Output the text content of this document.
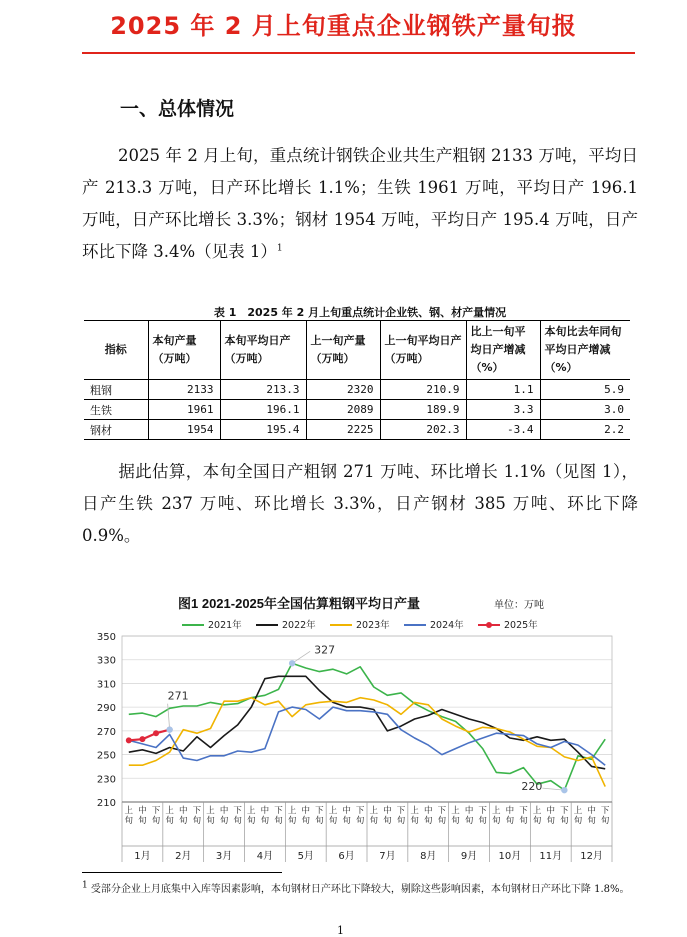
2025 年 2 月上旬重点企业钢铁产量旬报
一、总体情况

2025 年 2 月上旬，重点统计钢铁企业共生产粗钢 2133 万吨，平均日产 213.3 万吨，日产环比增长 1.1%；生铁 1961 万吨，平均日产 196.1 万吨，日产环比增长 3.3%；钢材 1954 万吨，平均日产 195.4 万吨，日产环比下降 3.4%（见表 1）$^1$

表 1　2025 年 2 月上旬重点统计企业铁、钢、材产量情况
指标	本旬产量（万吨）	本旬平均日产（万吨）	上一旬产量（万吨）	上一旬平均日产（万吨）	比上一旬平均日产增减（%）	本旬比去年同旬平均日产增减（%）
粗钢	2133	213.3	2320	210.9	1.1	5.9
生铁	1961	196.1	2089	189.9	3.3	3.0
钢材	1954	195.4	2225	202.3	-3.4	2.2

据此估算，本旬全国日产粗钢 271 万吨、环比增长 1.1%（见图 1），日产生铁 237 万吨、环比增长 3.3%，日产钢材 385 万吨、环比下降 0.9%。

图1 2021-2025年全国估算粗钢平均日产量	单位：万吨
2021年	2022年	2023年	2024年	2025年
210
230
250
270
290
310
330
350
上
旬
中
旬
下
旬
上
旬
中
旬
下
旬
上
旬
中
旬
下
旬
上
旬
中
旬
下
旬
上
旬
中
旬
下
旬
上
旬
中
旬
下
旬
上
旬
中
旬
下
旬
上
旬
中
旬
下
旬
上
旬
中
旬
下
旬
上
旬
中
旬
下
旬
上
旬
中
旬
下
旬
上
旬
中
旬
下
旬
1月 2月 3月 4月 5月 6月 7月 8月 9月 10月 11月 12月
327
271
220

$^1$ 受部分企业上月底集中入库等因素影响，本旬钢材日产环比下降较大，剔除这些影响因素，本旬钢材日产环比下降 1.8%。

1
